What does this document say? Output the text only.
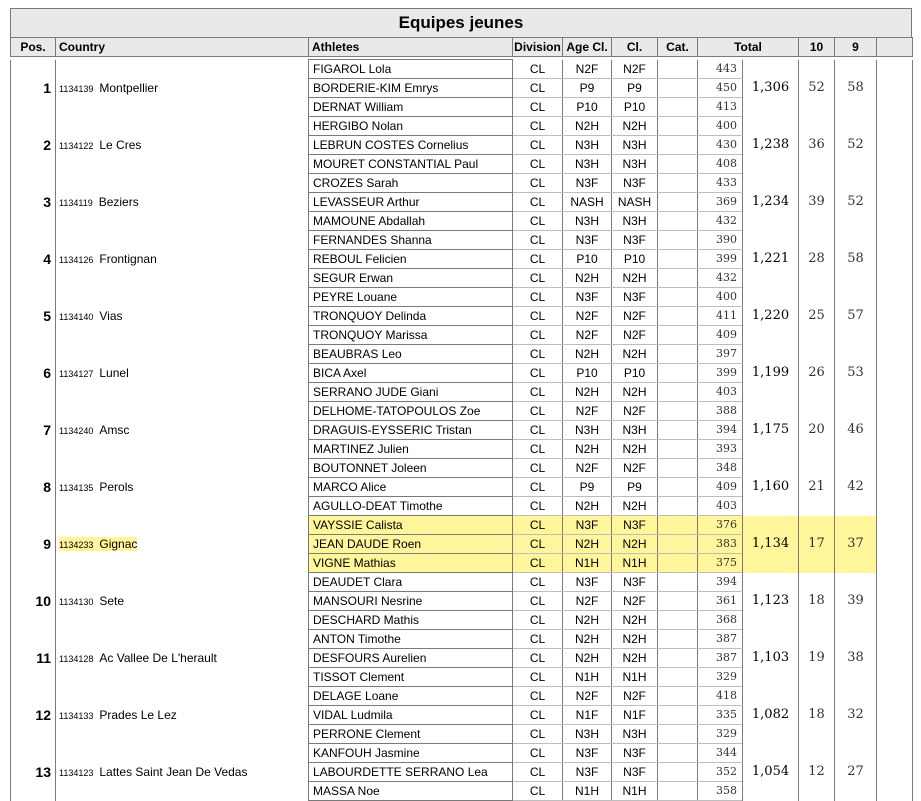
Equipes jeunes
Pos.	Country	Athletes	Division	Age Cl.	Cl.	Cat.	Total		10	9	

1	1134139 Montpellier	FIGAROL Lola	CL	N2F	N2F		443	1,306	52	58	
		BORDERIE-KIM Emrys	CL	P9	P9		450				
		DERNAT William	CL	P10	P10		413				
2	1134122 Le Cres	HERGIBO Nolan	CL	N2H	N2H		400	1,238	36	52	
		LEBRUN COSTES Cornelius	CL	N3H	N3H		430				
		MOURET CONSTANTIAL Paul	CL	N3H	N3H		408				
3	1134119 Beziers	CROZES Sarah	CL	N3F	N3F		433	1,234	39	52	
		LEVASSEUR Arthur	CL	NASH	NASH		369				
		MAMOUNE Abdallah	CL	N3H	N3H		432				
4	1134126 Frontignan	FERNANDES Shanna	CL	N3F	N3F		390	1,221	28	58	
		REBOUL Felicien	CL	P10	P10		399				
		SEGUR Erwan	CL	N2H	N2H		432				
5	1134140 Vias	PEYRE Louane	CL	N3F	N3F		400	1,220	25	57	
		TRONQUOY Delinda	CL	N2F	N2F		411				
		TRONQUOY Marissa	CL	N2F	N2F		409				
6	1134127 Lunel	BEAUBRAS Leo	CL	N2H	N2H		397	1,199	26	53	
		BICA Axel	CL	P10	P10		399				
		SERRANO JUDE Giani	CL	N2H	N2H		403				
7	1134240 Amsc	DELHOME-TATOPOULOS Zoe	CL	N2F	N2F		388	1,175	20	46	
		DRAGUIS-EYSSERIC Tristan	CL	N3H	N3H		394				
		MARTINEZ Julien	CL	N2H	N2H		393				
8	1134135 Perols	BOUTONNET Joleen	CL	N2F	N2F		348	1,160	21	42	
		MARCO Alice	CL	P9	P9		409				
		AGULLO-DEAT Timothe	CL	N2H	N2H		403				
9	1134233 Gignac	VAYSSIE Calista	CL	N3F	N3F		376	1,134	17	37	
		JEAN DAUDE Roen	CL	N2H	N2H		383				
		VIGNE Mathias	CL	N1H	N1H		375				
10	1134130 Sete	DEAUDET Clara	CL	N3F	N3F		394	1,123	18	39	
		MANSOURI Nesrine	CL	N2F	N2F		361				
		DESCHARD Mathis	CL	N2H	N2H		368				
11	1134128 Ac Vallee De L'herault	ANTON Timothe	CL	N2H	N2H		387	1,103	19	38	
		DESFOURS Aurelien	CL	N2H	N2H		387				
		TISSOT Clement	CL	N1H	N1H		329				
12	1134133 Prades Le Lez	DELAGE Loane	CL	N2F	N2F		418	1,082	18	32	
		VIDAL Ludmila	CL	N1F	N1F		335				
		PERRONE Clement	CL	N3H	N3H		329				
13	1134123 Lattes Saint Jean De Vedas	KANFOUH Jasmine	CL	N3F	N3F		344	1,054	12	27	
		LABOURDETTE SERRANO Lea	CL	N3F	N3F		352				
		MASSA Noe	CL	N1H	N1H		358				
